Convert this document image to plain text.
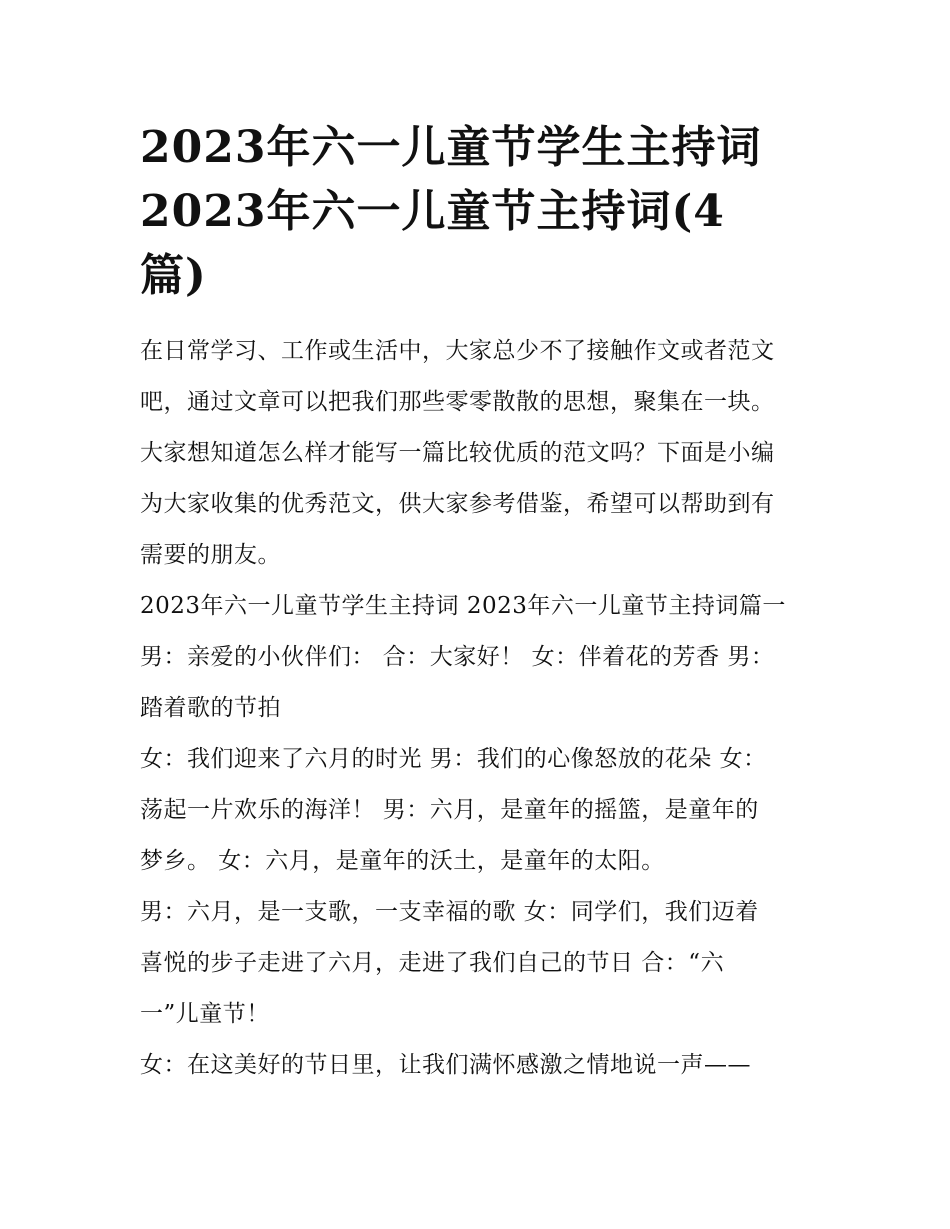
2023年六一儿童节学生主持词
2023年六一儿童节主持词(4
篇)

在日常学习、工作或生活中，大家总少不了接触作文或者范文
吧，通过文章可以把我们那些零零散散的思想，聚集在一块。
大家想知道怎么样才能写一篇比较优质的范文吗？下面是小编
为大家收集的优秀范文，供大家参考借鉴，希望可以帮助到有
需要的朋友。

2023年六一儿童节学生主持词 2023年六一儿童节主持词篇一
男：亲爱的小伙伴们： 合：大家好！ 女：伴着花的芳香 男：
踏着歌的节拍
女：我们迎来了六月的时光 男：我们的心像怒放的花朵 女：
荡起一片欢乐的海洋！ 男：六月，是童年的摇篮，是童年的
梦乡。 女：六月，是童年的沃土，是童年的太阳。
男：六月，是一支歌，一支幸福的歌 女：同学们，我们迈着
喜悦的步子走进了六月，走进了我们自己的节日 合：“六
一”儿童节！
女：在这美好的节日里，让我们满怀感激之情地说一声——
